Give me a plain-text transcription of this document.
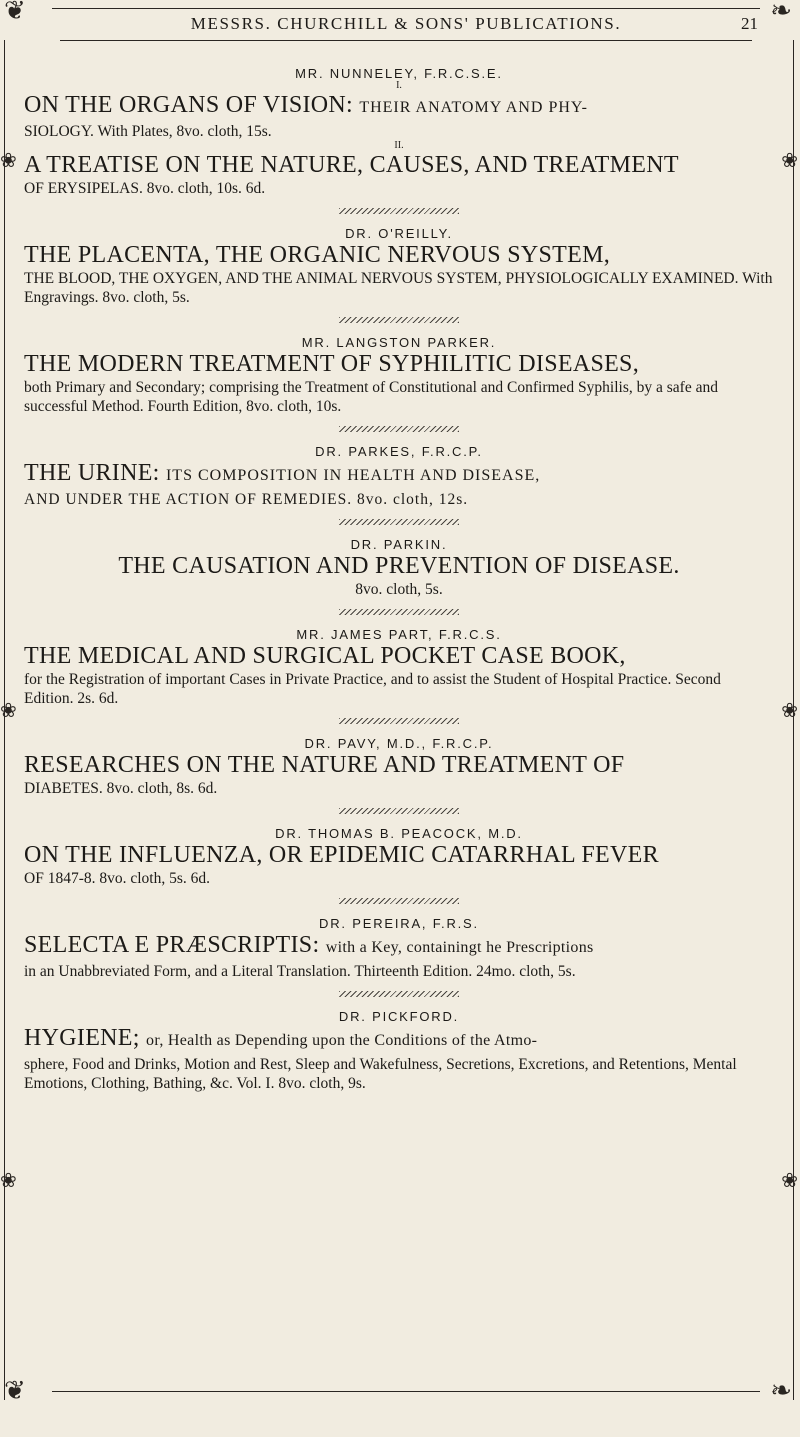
❦	❧
❦	❧
❀
❀
❀
❀
❀
❀
MESSRS. CHURCHILL & SONS' PUBLICATIONS.	21

MR. NUNNELEY, F.R.C.S.E.

I.

ON THE ORGANS OF VISION: THEIR ANATOMY AND PHY-

SIOLOGY. With Plates, 8vo. cloth, 15s.

II.

A TREATISE ON THE NATURE, CAUSES, AND TREATMENT

OF ERYSIPELAS. 8vo. cloth, 10s. 6d.

DR. O'REILLY.

THE PLACENTA, THE ORGANIC NERVOUS SYSTEM,

THE BLOOD, THE OXYGEN, AND THE ANIMAL NERVOUS SYSTEM, PHYSIOLOGICALLY EXAMINED. With Engravings. 8vo. cloth, 5s.

MR. LANGSTON PARKER.

THE MODERN TREATMENT OF SYPHILITIC DISEASES,

both Primary and Secondary; comprising the Treatment of Constitutional and Confirmed Syphilis, by a safe and successful Method. Fourth Edition, 8vo. cloth, 10s.

DR. PARKES, F.R.C.P.

THE URINE: ITS COMPOSITION IN HEALTH AND DISEASE,

AND UNDER THE ACTION OF REMEDIES. 8vo. cloth, 12s.

DR. PARKIN.

THE CAUSATION AND PREVENTION OF DISEASE.

8vo. cloth, 5s.

MR. JAMES PART, F.R.C.S.

THE MEDICAL AND SURGICAL POCKET CASE BOOK,

for the Registration of important Cases in Private Practice, and to assist the Student of Hospital Practice. Second Edition. 2s. 6d.

DR. PAVY, M.D., F.R.C.P.

RESEARCHES ON THE NATURE AND TREATMENT OF

DIABETES. 8vo. cloth, 8s. 6d.

DR. THOMAS B. PEACOCK, M.D.

ON THE INFLUENZA, OR EPIDEMIC CATARRHAL FEVER

OF 1847-8. 8vo. cloth, 5s. 6d.

DR. PEREIRA, F.R.S.

SELECTA E PRÆSCRIPTIS: with a Key, containingt he Prescriptions

in an Unabbreviated Form, and a Literal Translation. Thirteenth Edition. 24mo. cloth, 5s.

DR. PICKFORD.

HYGIENE; or, Health as Depending upon the Conditions of the Atmo-

sphere, Food and Drinks, Motion and Rest, Sleep and Wakefulness, Secretions, Excretions, and Retentions, Mental Emotions, Clothing, Bathing, &c. Vol. I. 8vo. cloth, 9s.
